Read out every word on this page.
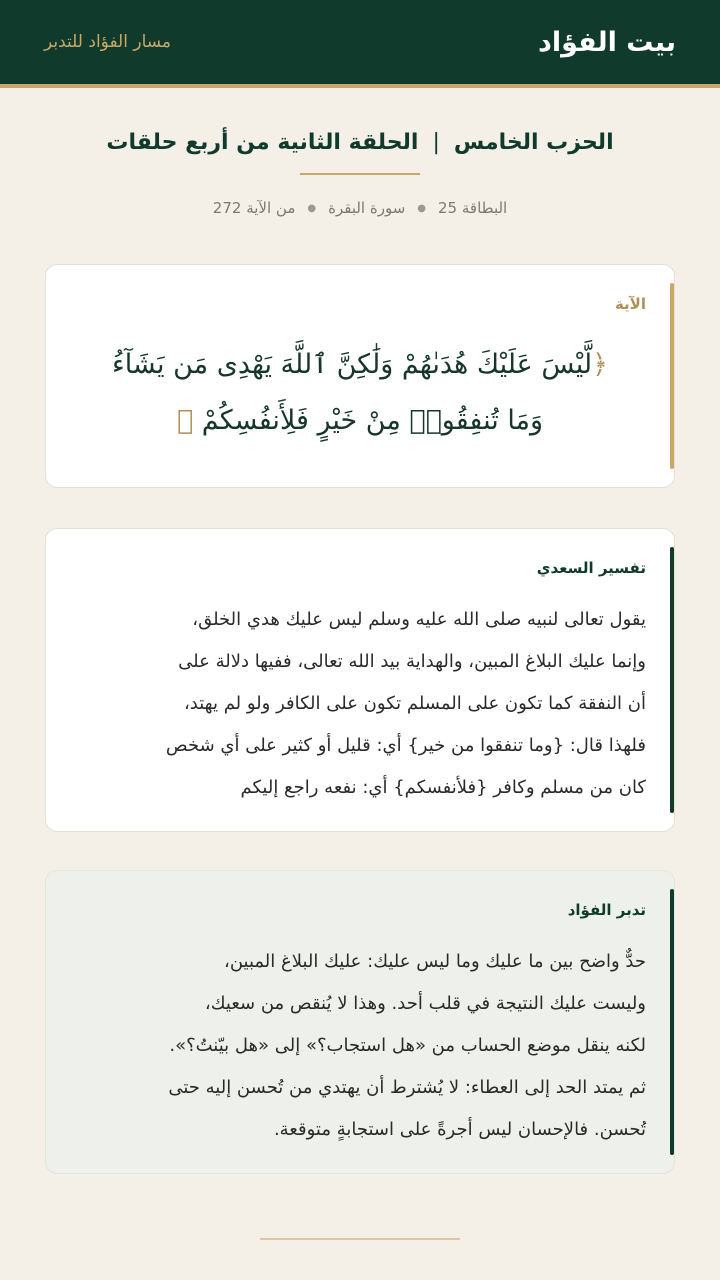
بيت الفؤاد
مسار الفؤاد للتدبر
الحزب الخامس
|
الحلقة الثانية من أربع حلقات
البطاقة 25
●
سورة البقرة
●
من الآية 272
الآية
﴿لَّيْسَ عَلَيْكَ هُدَىٰهُمْ وَلَٰكِنَّ ٱللَّهَ يَهْدِى مَن يَشَآءُ
وَمَا تُنفِقُوا۟ مِنْ خَيْرٍ فَلِأَنفُسِكُمْ ﴾
تفسير السعدي
يقول تعالى لنبيه صلى الله عليه وسلم ليس عليك هدي الخلق،
وإنما عليك البلاغ المبين، والهداية بيد الله تعالى، ففيها دلالة على
أن النفقة كما تكون على المسلم تكون على الكافر ولو لم يهتد،
فلهذا قال: {وما تنفقوا من خير} أي: قليل أو كثير على أي شخص
كان من مسلم وكافر {فلأنفسكم} أي: نفعه راجع إليكم
تدبر الفؤاد
حدٌّ واضح بين ما عليك وما ليس عليك: عليك البلاغ المبين،
وليست عليك النتيجة في قلب أحد. وهذا لا يُنقص من سعيك،
لكنه ينقل موضع الحساب من «هل استجاب؟» إلى «هل بيّنتُ؟».
ثم يمتد الحد إلى العطاء: لا يُشترط أن يهتدي من تُحسن إليه حتى
تُحسن. فالإحسان ليس أجرةً على استجابةٍ متوقعة.
